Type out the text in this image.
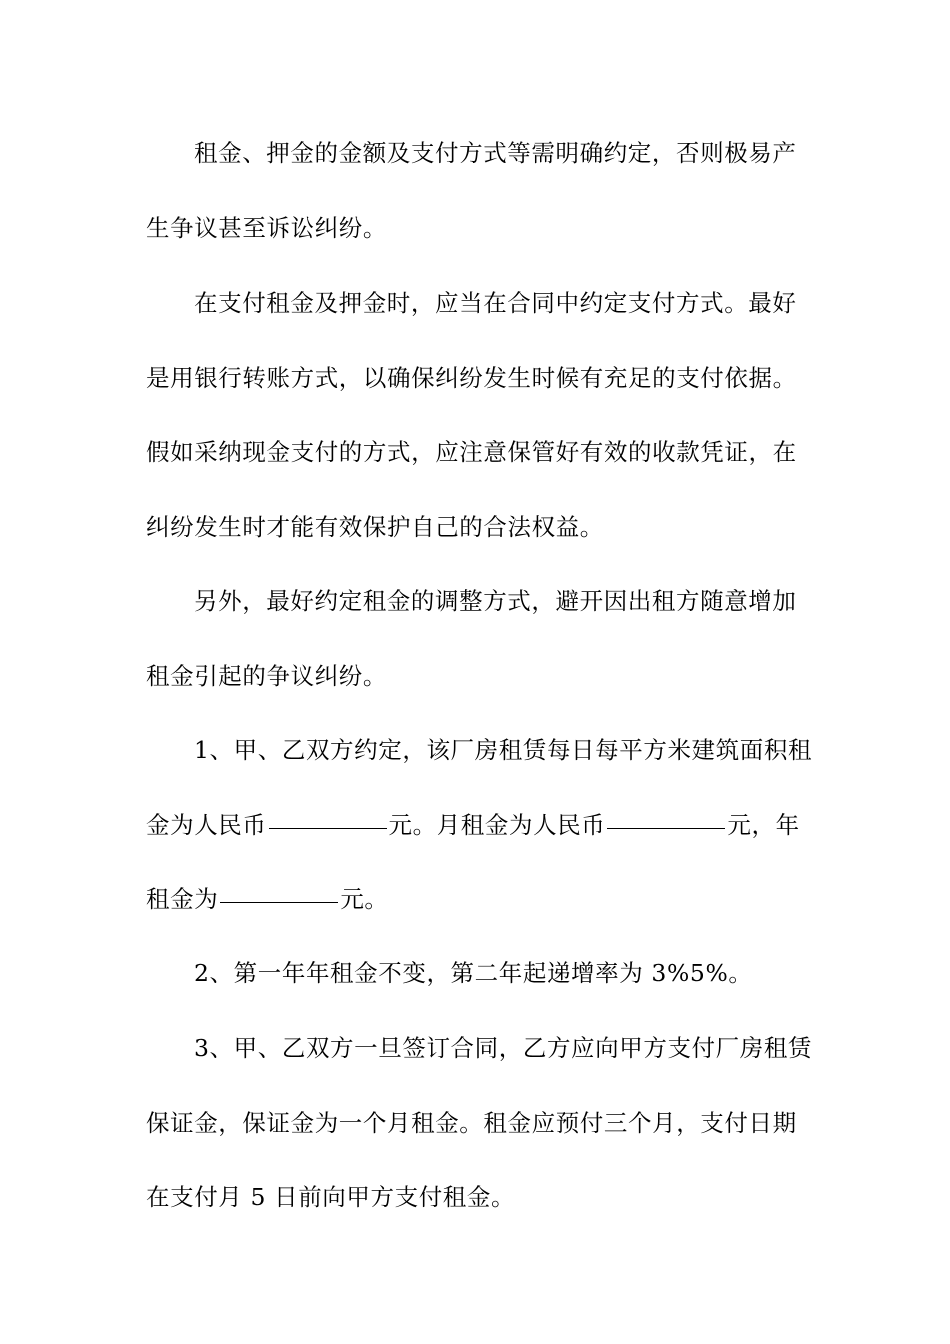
租金、押金的金额及支付方式等需明确约定，否则极易产
生争议甚至诉讼纠纷。
在支付租金及押金时，应当在合同中约定支付方式。最好
是用银行转账方式，以确保纠纷发生时候有充足的支付依据。
假如采纳现金支付的方式，应注意保管好有效的收款凭证，在
纠纷发生时才能有效保护自己的合法权益。
另外，最好约定租金的调整方式，避开因出租方随意增加
租金引起的争议纠纷。
1、甲、乙双方约定，该厂房租赁每日每平方米建筑面积租
金为人民币	元。月租金为人民币	元，年
租金为	元。
2、第一年年租金不变，第二年起递增率为 3%5%。
3、甲、乙双方一旦签订合同，乙方应向甲方支付厂房租赁
保证金，保证金为一个月租金。租金应预付三个月，支付日期
在支付月 5 日前向甲方支付租金。
